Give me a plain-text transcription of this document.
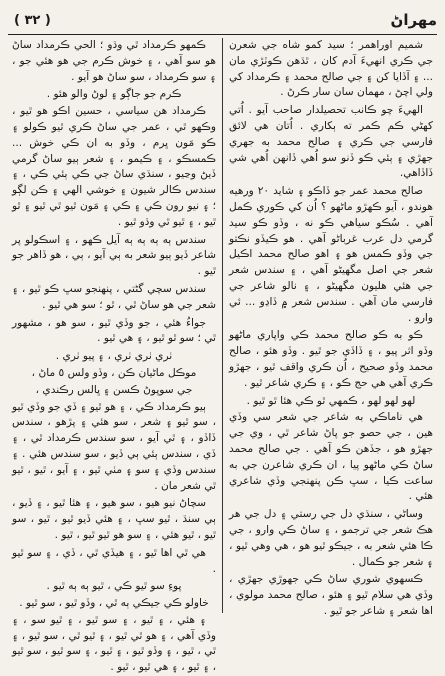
مهراڻ
( ٣٢ )

شميم اوراهمر ؛ سيد کمو شاه جي شعرن جي ڪري انهيءَ آدم کان ، ٿڌهن ڪوٽڙي مان ... ۽ آڏايا کن ۽ جي صالح محمد ۽ ڪرمداد کي ولي اچڻ ، مهمان سان سار ڪرڻ .

الهيءَ چو ڪانب تحصيلدار صاحب آيو . اُتي کهڻي ڪم ڪمر ته ٻکاري . اُتان هي لائق فارسي جي ڪري ۽ صالح محمد به جهري جهڙي ۽ ٻئي ڪو ڏنو سو اُهي ڏانهن اُهي شي ڏاڏاهي.

صالح محمد عمر جو ڏاڪو ۽ شايد ٢٠ ورهيه هوندو ، آيو ڪهڙو ماڻهو ؟ اُن کي ڪوري ڪمل آهي . سُڪو سياهي ڪو نه ، وڏو ڪو سيد گرمي دل عرب غرباڻو آهي . هو ڪيڏو نڪتو جي وڏو ڪمس هو ۽ اهو صالح محمد اڪيل شعر جي اصل مگهيڻو آهي ، ۽ سندس شعر جي هئي هليون مگهيڻو ، ۽ نالو شاعر جي فارسي مان آهي . سندس شعر ۾ ڏاڍو ... ئي وارو .

ڪو به ڪو صالح محمد ڪي واپاري ماڻهو وڏو اثر پيو ، ۽ ڏاڏي جو ٿيو . وڏو هئو ، صالح محمد وڏو صحيح ، اُن ڪري واقف ٿيو ، جهڙو ڪري آهي هي حج ڪو ، ۽ ڪري شاعر ٿيو .

لهو لهو لهو ، ڪمهي ٿو ڪي هئا ٿو ٿيو .

هي ناماڪي به شاعر جي شعر سي وڏي هين ، جي حصو جو پاڻ شاعر ٿي ، وي جي جهڙو هو ، جڏهن ڪو آهي . جي صالح محمد ساڻ ڪي ماڻهو پيا ، ان ڪري شاعرن جي به ساعت ڪيا ، سڀ ڪن پنهنجي وڏي شاعري هئي .

وساڻي ، سنڌي دل جي رستي ۽ دل جي هر هڪ شعر جي ترجمو ، ۽ ساڻ ڪي وارو ، جي ڪا هئي شعر به ، جيڪو ٿيو هو ، هي وهي ٿيو ، ۽ شعر جو ڪمال .

ڪسهوي شوري ساڻ ڪي جهوڙي جهڙي ، وڏي هي سلام ٿيو ۽ هئو ، صالح محمد مولوي ، اها شعر ۽ شاعر جو ٿيو .

ڪمهو ڪرمداد ٿي وڌو ؛ الحي ڪرمداد ساڻ هو سو آهي ، ۽ خوش ڪرم جي هو هئي جو ، ۽ سو ڪرمداد ، سو ساڻ هو آيو .

ڪرم جو جاڳو ۽ لوڻ والو هئو .

ڪرمداد هن سياسي ، حسين اڪو هو ٿيو ، وڪهو ٿي ، عمر جي ساڻ ڪري ٿيو ڪولو ۽ ڪو مَون ڀرم ، وڏو به ان ڪي خوش ... ڪمسڪو ، ۽ ڪيمو ، ۽ شعر ٻيو ساڻ گرمي ڏيڻ وڃيو ، سنڌي ساڻ جي ڪي ٻئي ڪي ، ۽ سندس ڪالر شيون ۽ خوشي الهي ۽ ڪن لڳو ؛ ۽ نيو رون ڪي ۽ ڪي ۽ مَون ٿيو ٿي ٿيو ۽ ٿو ٿيو ، ۽ ٿيو ٿي وڌو ٿيو .

سندس ٻه ٻه ٻه ٻه آيل ڪهو ، ۽ اسڪولو پر شاعر ڏيو ٻيو شعر به ٻي آيو ، ٻي ، هو ڏاهر جو ٿيو .

سندس سچي گڻتي ، پنهنجو سڀ ڪو ٿيو ، ۽ شعر جي هو ساڻ ٿي ، ٿو ؛ سو هي ٿيو .

جواءُ هئي ، جو وڏي ٿيو ، سو هو ، مشهور ٿي ؛ سو ٿو ٿيو ، ۽ هي ٿيو .

ٺري ٺري ٺري ، ۽ پيو ٺري .

موڪل ماڻيان ڪن ، وڏو ولس ٥ ماڻ ،

جي سوپوڻ ڪسن ۽ ڀالس رڪندي ،

ٻيو ڪرمداد ڪي ، ۽ هو ٿيو ۽ ڏي جو وڏي ٿيو ، سو ٿيو ۽ شعر ، سو هئي ۽ پڙهو ، سندس ڏاڏو ، ۽ ٿي آيو ، سو سندس ڪرمداد ٿي ، ۽ ڏي ، سندس ٻئي ٻي ڏيو ، سو سندس هئي . ۽ سندس وڏي ۽ سو ۽ مٺي ٿيو ، ۽ آيو ، ٿيو ، ٿيو ٿي شعر مان .

سچاڻ نيو هيو ، سو هيو ، ۽ هئا ٿيو ، ۽ ڏيو ، ٻي سنڌ ، ٿيو سڀ ، ۽ هئي ڏيو ٿيو ، ٿيو ، سو ٿيو ، ٿيو هئي ، ۽ سو هو ٿيو ٿيو ، ٿيو .

هي ٿي اها ٿيو ، ۽ هيڏي ٿي ، ڏي ، ۽ سو ٿيو .

پوءِ سو ٿيو ڪي ، ٿيو ٻه ٻه ٿيو .

خاولو ڪي جيڪي ٻه ٿي ، وڏو ٿيو ، سو ٿيو .

۽ هئي ، ۽ ٿيو ، ۽ سو ٿيو ، ۽ ٿيو سو ، ۽ وڏي آهي ، ۽ هو ٿي ٿيو ، ۽ ٿيو ٿي ، سو ٿيو ، ۽ ٿي ، ٿيو ، ۽ وڏو ٿيو ، ۽ ٿيو ، ۽ سو ٿيو ، سو ٿيو ، ۽ ٿيو ، ۽ هي ٿيو ، ٿيو .
